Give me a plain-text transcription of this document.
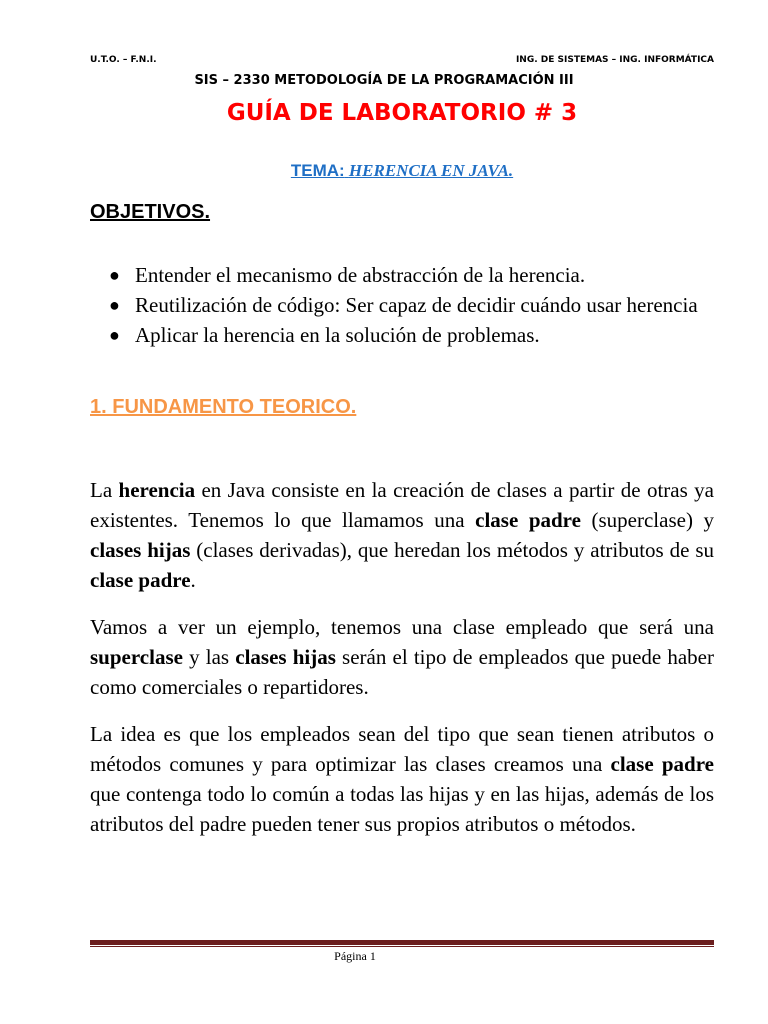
U.T.O. – F.N.I.	ING. DE SISTEMAS – ING. INFORMÁTICA
SIS – 2330 METODOLOGÍA DE LA PROGRAMACIÓN III
GUÍA DE LABORATORIO # 3
TEMA: HERENCIA EN JAVA.
OBJETIVOS.
● Entender el mecanismo de abstracción de la herencia.
● Reutilización de código: Ser capaz de decidir cuándo usar herencia
● Aplicar la herencia en la solución de problemas.
1. FUNDAMENTO TEORICO.

La herencia en Java consiste en la creación de clases a partir de otras ya existentes. Tenemos lo que llamamos una clase padre (superclase) y clases hijas (clases derivadas), que heredan los métodos y atributos de su clase padre.

Vamos a ver un ejemplo, tenemos una clase empleado que será una superclase y las clases hijas serán el tipo de empleados que puede haber como comerciales o repartidores.

La idea es que los empleados sean del tipo que sean tienen atributos o métodos comunes y para optimizar las clases creamos una clase padre que contenga todo lo común a todas las hijas y en las hijas, además de los atributos del padre pueden tener sus propios atributos o métodos.

Página 1
